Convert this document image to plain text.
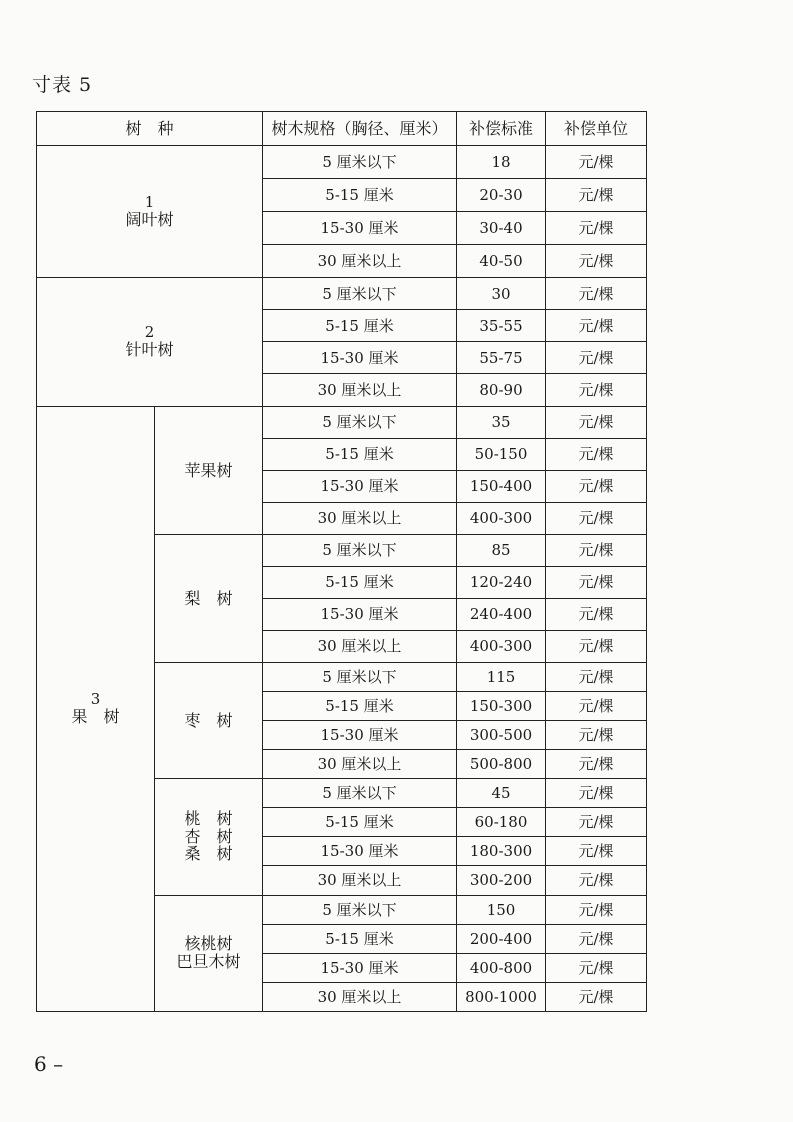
寸表 5
树　种		树木规格（胸径、厘米）	补偿标准	补偿单位

1
阔叶树		5 厘米以下	18	元/棵
		5-15 厘米	20-30	元/棵
		15-30 厘米	30-40	元/棵
		30 厘米以上	40-50	元/棵

2
针叶树		5 厘米以下	30	元/棵
		5-15 厘米	35-55	元/棵
		15-30 厘米	55-75	元/棵
		30 厘米以上	80-90	元/棵

3
果　树	苹果树	5 厘米以下	35	元/棵
		5-15 厘米	50-150	元/棵
		15-30 厘米	150-400	元/棵
		30 厘米以上	400-300	元/棵

	梨　树	5 厘米以下	85	元/棵
		5-15 厘米	120-240	元/棵
		15-30 厘米	240-400	元/棵
		30 厘米以上	400-300	元/棵

	枣　树	5 厘米以下	115	元/棵
		5-15 厘米	150-300	元/棵
		15-30 厘米	300-500	元/棵
		30 厘米以上	500-800	元/棵

	桃　树
杏　树
桑　树	5 厘米以下	45	元/棵
		5-15 厘米	60-180	元/棵
		15-30 厘米	180-300	元/棵
		30 厘米以上	300-200	元/棵

	核桃树
巴旦木树	5 厘米以下	150	元/棵
		5-15 厘米	200-400	元/棵
		15-30 厘米	400-800	元/棵
		30 厘米以上	800-1000	元/棵
6 –
